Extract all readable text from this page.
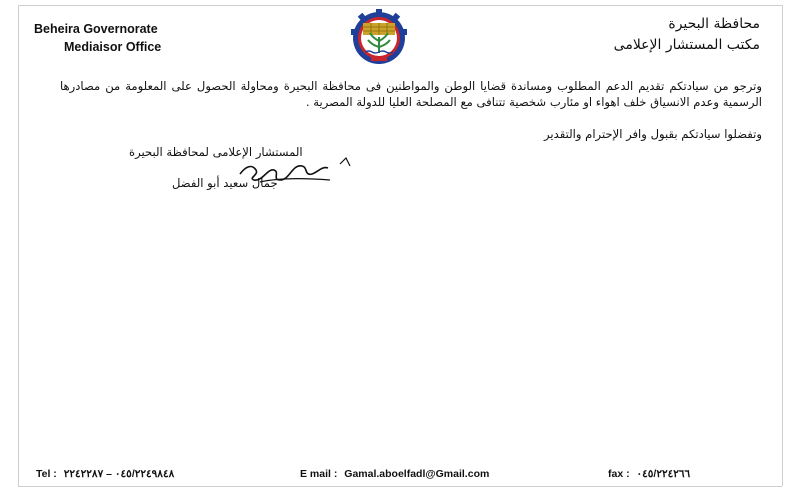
Beheira Governorate
Mediaisor Office
محافظة البحيرة
مكتب المستشار الإعلامى

وترجو من سيادتكم تقديم الدعم المطلوب ومساندة قضايا الوطن والمواطنين فى محافظة البحيرة ومحاولة الحصول على المعلومة من مصادرها الرسمية وعدم الانسياق خلف اهواء او مئارب شخصية تتنافى مع المصلحة العليا للدولة المصرية .

وتفضلوا سيادتكم بقبول وافر الإحترام والتقدير
المستشار الإعلامى لمحافظة البحيرة
جمال سعيد أبو الفضل
Tel : ٠٤٥/٢٢٤٩٨٤٨ – ٢٢٤٢٢٨٧	E mail : Gamal.aboelfadl@Gmail.com	fax : ٠٤٥/٢٢٤٢٦٦
